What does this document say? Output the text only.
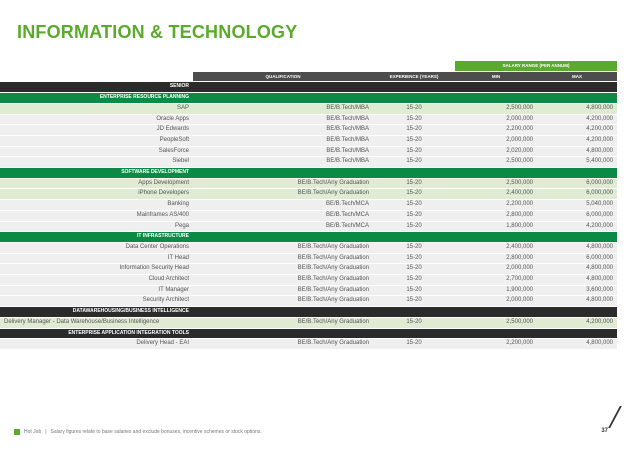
INFORMATION & TECHNOLOGY
			SALARY RANGE (PER ANNUM)	
	QUALIFICATION	EXPERIENCE (YEARS)	MIN	MAX
SENIOR				
ENTERPRISE RESOURCE PLANNING				
SAP	BE/B.Tech/MBA	15-20	2,500,000	4,800,000
Oracle Apps	BE/B.Tech/MBA	15-20	2,000,000	4,200,000
JD Edwards	BE/B.Tech/MBA	15-20	2,200,000	4,200,000
PeopleSoft	BE/B.Tech/MBA	15-20	2,000,000	4,200,000
SalesForce	BE/B.Tech/MBA	15-20	2,020,000	4,800,000
Siebel	BE/B.Tech/MBA	15-20	2,500,000	5,400,000
SOFTWARE DEVELOPMENT				
Apps Development	BE/B.Tech/Any Graduation	15-20	2,500,000	6,000,000
iPhone Developers	BE/B.Tech/Any Graduation	15-20	2,400,000	6,000,000
Banking	BE/B.Tech/MCA	15-20	2,200,000	5,040,000
Mainframes AS/400	BE/B.Tech/MCA	15-20	2,800,000	6,000,000
Pega	BE/B.Tech/MCA	15-20	1,800,000	4,200,000
IT INFRASTRUCTURE				
Data Center Operations	BE/B.Tech/Any Graduation	15-20	2,400,000	4,800,000
IT Head	BE/B.Tech/Any Graduation	15-20	2,800,000	6,000,000
Information Security Head	BE/B.Tech/Any Graduation	15-20	2,000,000	4,800,000
Cloud Architect	BE/B.Tech/Any Graduation	15-20	2,700,000	4,800,000
IT Manager	BE/B.Tech/Any Graduation	15-20	1,900,000	3,600,000
Security Architect	BE/B.Tech/Any Graduation	15-20	2,000,000	4,800,000
DATAWAREHOUSING/BUSINESS INTELLIGENCE				
Delivery Manager - Data Warehouse/Business Intelligence	BE/B.Tech/Any Graduation	15-20	2,500,000	4,200,000
ENTERPRISE APPLICATION INTEGRATION TOOLS				
Delivery Head - EAI	BE/B.Tech/Any Graduation	15-20	2,200,000	4,800,000
Hot Job | Salary figures relate to base salaries and exclude bonuses, incentive schemes or stock options.	37
